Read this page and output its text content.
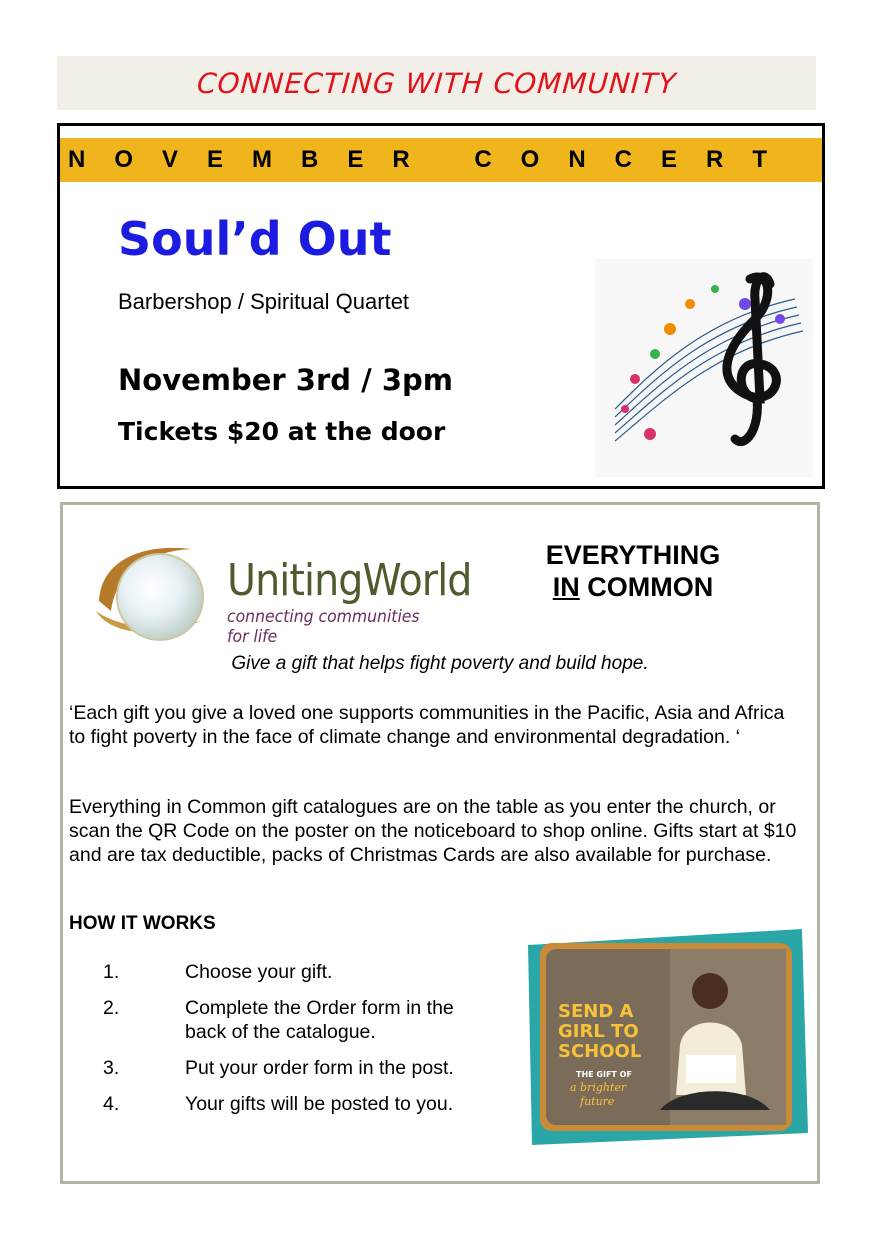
CONNECTING WITH COMMUNITY
NOVEMBER CONCERT
Soul’d Out
Barbershop / Spiritual Quartet
November 3rd / 3pm
Tickets $20 at the door
UnitingWorld
connecting communities for life
EVERYTHING
IN COMMON
Give a gift that helps fight poverty and build hope.
‘Each gift you give a loved one supports communities in the Pacific, Asia and Africa to fight poverty in the face of climate change and environmental degradation. ‘
Everything in Common gift catalogues are on the table as you enter the church, or scan the QR Code on the poster on the noticeboard to shop online. Gifts start at $10 and are tax deductible, packs of Christmas Cards are also available for purchase.
HOW IT WORKS
1.	Choose your gift.
2.	Complete the Order form in the back of the catalogue.
3.	Put your order form in the post.
4.	Your gifts will be posted to you.
SEND A
GIRL TO
SCHOOL
THE GIFT OF
a brighter
future
